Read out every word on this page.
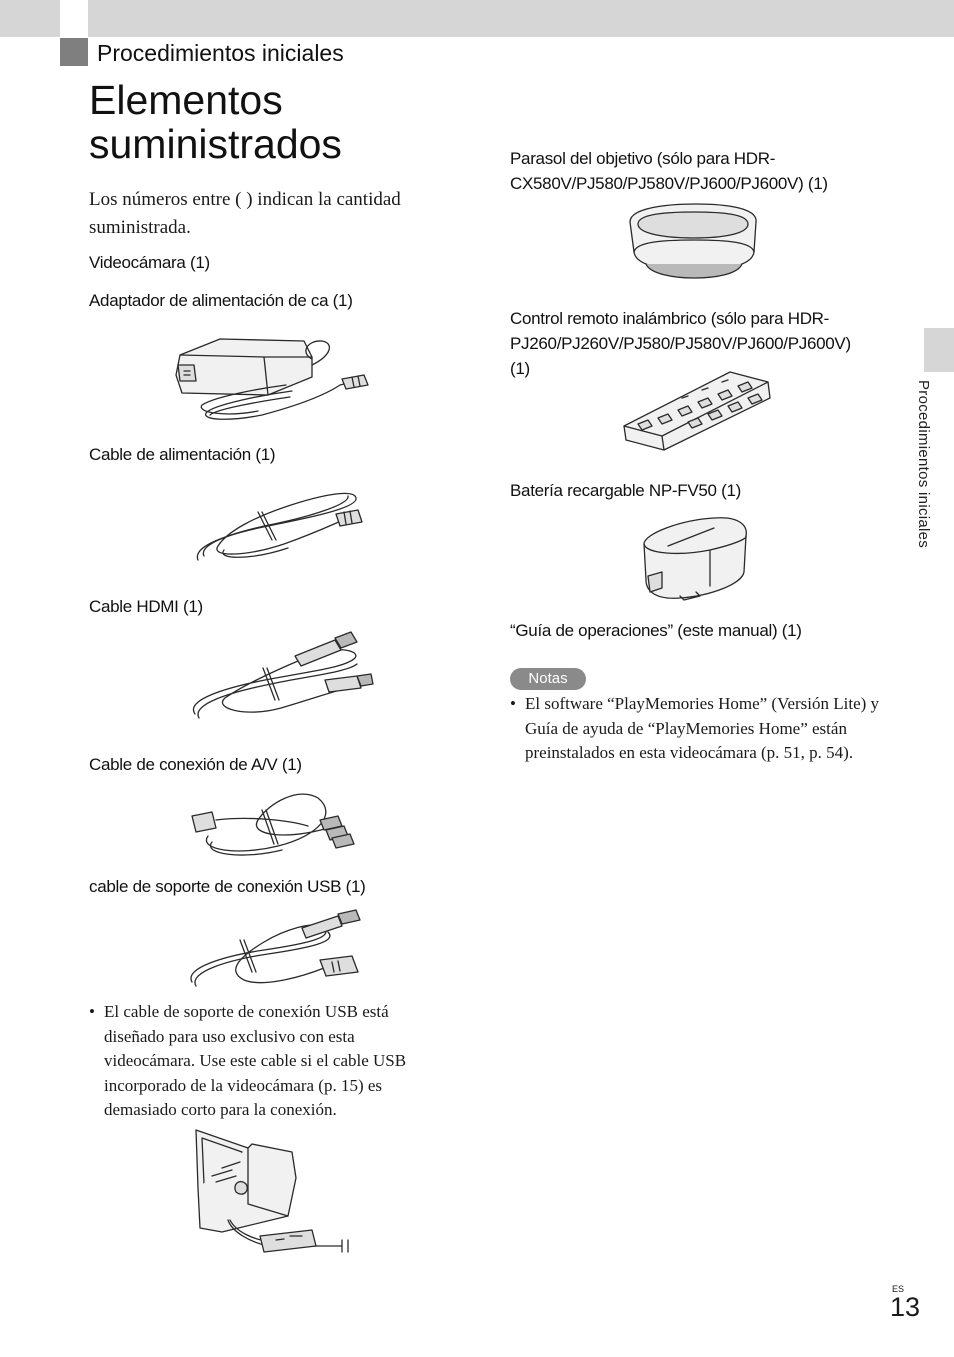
Procedimientos iniciales
Elementos
suministrados
Los números entre ( ) indican la cantidad suministrada.
Videocámara (1)
Adaptador de alimentación de ca (1)
Cable de alimentación (1)
Cable HDMI (1)
Cable de conexión de A/V (1)
cable de soporte de conexión USB (1)
• El cable de soporte de conexión USB está diseñado para uso exclusivo con esta videocámara. Use este cable si el cable USB incorporado de la videocámara (p. 15) es demasiado corto para la conexión.
Parasol del objetivo (sólo para HDR-CX580V/PJ580/PJ580V/PJ600/PJ600V) (1)
Control remoto inalámbrico (sólo para HDR-PJ260/PJ260V/PJ580/PJ580V/PJ600/PJ600V) (1)
Batería recargable NP-FV50 (1)
“Guía de operaciones” (este manual) (1)
Notas
• El software “PlayMemories Home” (Versión Lite) y Guía de ayuda de “PlayMemories Home” están preinstalados en esta videocámara (p. 51, p. 54).
Procedimientos iniciales
ES
13
